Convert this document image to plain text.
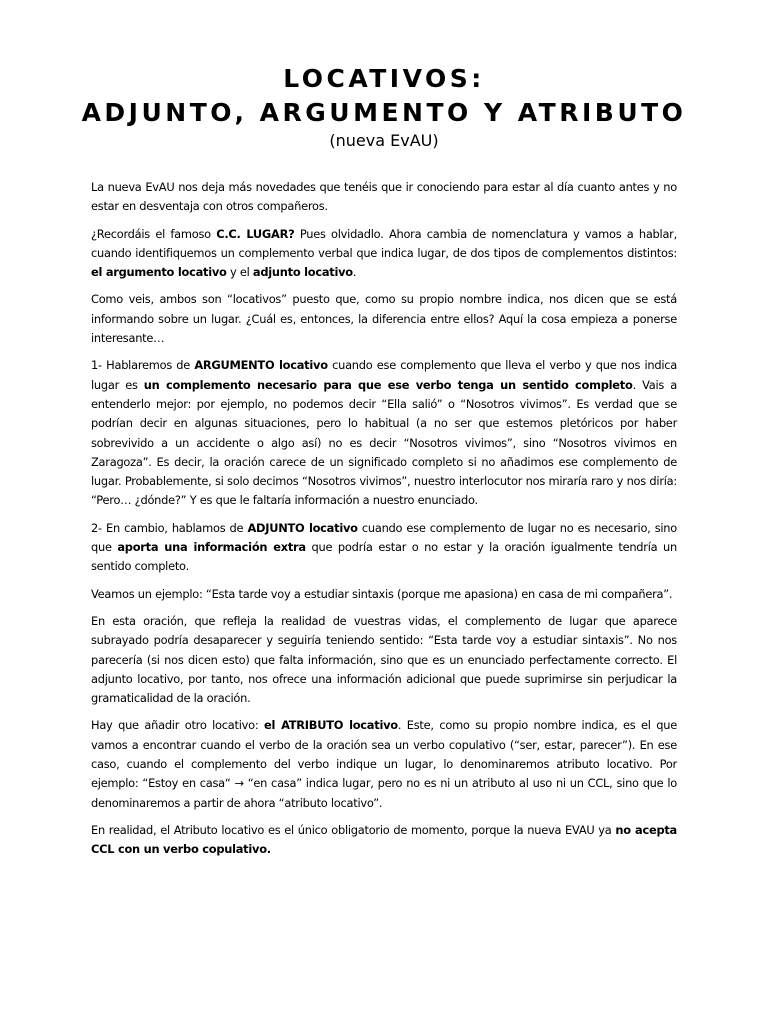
LOCATIVOS:
ADJUNTO, ARGUMENTO Y ATRIBUTO
(nueva EvAU)

La nueva EvAU nos deja más novedades que tenéis que ir conociendo para estar al día cuanto antes y no estar en desventaja con otros compañeros.

¿Recordáis el famoso C.C. LUGAR? Pues olvidadlo. Ahora cambia de nomenclatura y vamos a hablar, cuando identifiquemos un complemento verbal que indica lugar, de dos tipos de complementos distintos: el argumento locativo y el adjunto locativo.

Como veis, ambos son “locativos” puesto que, como su propio nombre indica, nos dicen que se está informando sobre un lugar. ¿Cuál es, entonces, la diferencia entre ellos? Aquí la cosa empieza a ponerse interesante…

1- Hablaremos de ARGUMENTO locativo cuando ese complemento que lleva el verbo y que nos indica lugar es un complemento necesario para que ese verbo tenga un sentido completo. Vais a entenderlo mejor: por ejemplo, no podemos decir “Ella salió” o “Nosotros vivimos”. Es verdad que se podrían decir en algunas situaciones, pero lo habitual (a no ser que estemos pletóricos por haber sobrevivido a un accidente o algo así) no es decir “Nosotros vivimos”, sino “Nosotros vivimos en Zaragoza”. Es decir, la oración carece de un significado completo si no añadimos ese complemento de lugar. Probablemente, si solo decimos “Nosotros vivimos”, nuestro interlocutor nos miraría raro y nos diría: “Pero… ¿dónde?” Y es que le faltaría información a nuestro enunciado.

2- En cambio, hablamos de ADJUNTO locativo cuando ese complemento de lugar no es necesario, sino que aporta una información extra que podría estar o no estar y la oración igualmente tendría un sentido completo.

Veamos un ejemplo: “Esta tarde voy a estudiar sintaxis (porque me apasiona) en casa de mi compañera”.

En esta oración, que refleja la realidad de vuestras vidas, el complemento de lugar que aparece subrayado podría desaparecer y seguiría teniendo sentido: “Esta tarde voy a estudiar sintaxis”. No nos parecería (si nos dicen esto) que falta información, sino que es un enunciado perfectamente correcto. El adjunto locativo, por tanto, nos ofrece una información adicional que puede suprimirse sin perjudicar la gramaticalidad de la oración.

Hay que añadir otro locativo: el ATRIBUTO locativo. Este, como su propio nombre indica, es el que vamos a encontrar cuando el verbo de la oración sea un verbo copulativo (“ser, estar, parecer”). En ese caso, cuando el complemento del verbo indique un lugar, lo denominaremos atributo locativo. Por ejemplo: “Estoy en casa“ → “en casa” indica lugar, pero no es ni un atributo al uso ni un CCL, sino que lo denominaremos a partir de ahora “atributo locativo”.

En realidad, el Atributo locativo es el único obligatorio de momento, porque la nueva EVAU ya no acepta CCL con un verbo copulativo.
